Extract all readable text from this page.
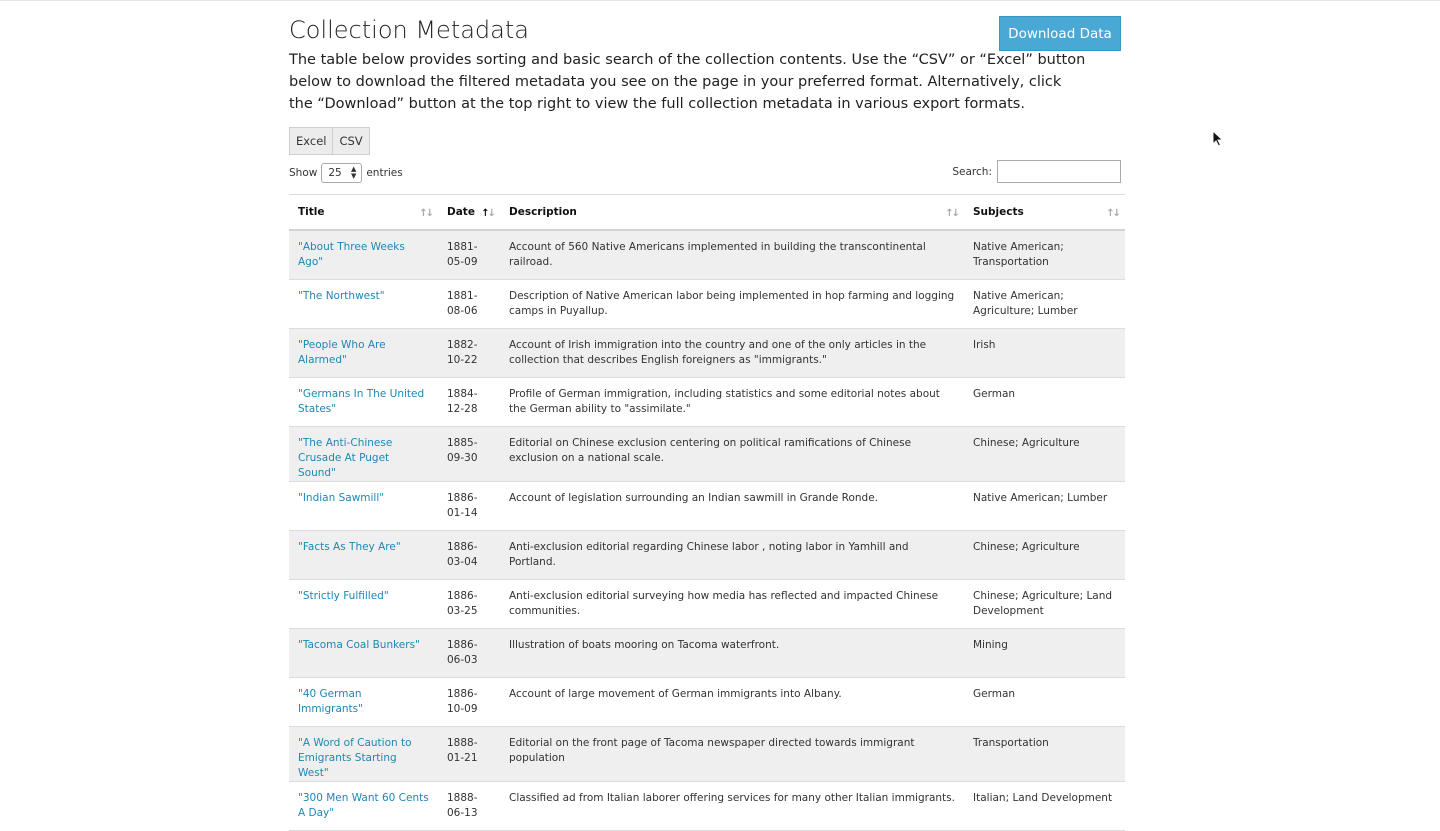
Collection Metadata	Download Data

The table below provides sorting and basic search of the collection contents. Use the “CSV” or “Excel” button below to download the filtered metadata you see on the page in your preferred format. Alternatively, click the “Download” button at the top right to view the full collection metadata in various export formats.

Excel	CSV
Show 25 ▲
▼ entries	Search:
Title ↑↓	Date ↑↓	Description ↑↓	Subjects ↑↓

"About Three Weeks Ago"	1881-05-09	Account of 560 Native Americans implemented in building the transcontinental railroad.	Native American; Transportation
"The Northwest"	1881-08-06	Description of Native American labor being implemented in hop farming and logging camps in Puyallup.	Native American; Agriculture; Lumber
"People Who Are Alarmed"	1882-10-22	Account of Irish immigration into the country and one of the only articles in the collection that describes English foreigners as "immigrants."	Irish
"Germans In The United States"	1884-12-28	Profile of German immigration, including statistics and some editorial notes about the German ability to "assimilate."	German
"The Anti-Chinese Crusade At Puget Sound"	1885-09-30	Editorial on Chinese exclusion centering on political ramifications of Chinese exclusion on a national scale.	Chinese; Agriculture
"Indian Sawmill"	1886-01-14	Account of legislation surrounding an Indian sawmill in Grande Ronde.	Native American; Lumber
"Facts As They Are"	1886-03-04	Anti-exclusion editorial regarding Chinese labor , noting labor in Yamhill and Portland.	Chinese; Agriculture
"Strictly Fulfilled"	1886-03-25	Anti-exclusion editorial surveying how media has reflected and impacted Chinese communities.	Chinese; Agriculture; Land Development
"Tacoma Coal Bunkers"	1886-06-03	Illustration of boats mooring on Tacoma waterfront.	Mining
"40 German Immigrants"	1886-10-09	Account of large movement of German immigrants into Albany.	German
"A Word of Caution to Emigrants Starting West"	1888-01-21	Editorial on the front page of Tacoma newspaper directed towards immigrant population	Transportation
"300 Men Want 60 Cents A Day"	1888-06-13	Classified ad from Italian laborer offering services for many other Italian immigrants.	Italian; Land Development
